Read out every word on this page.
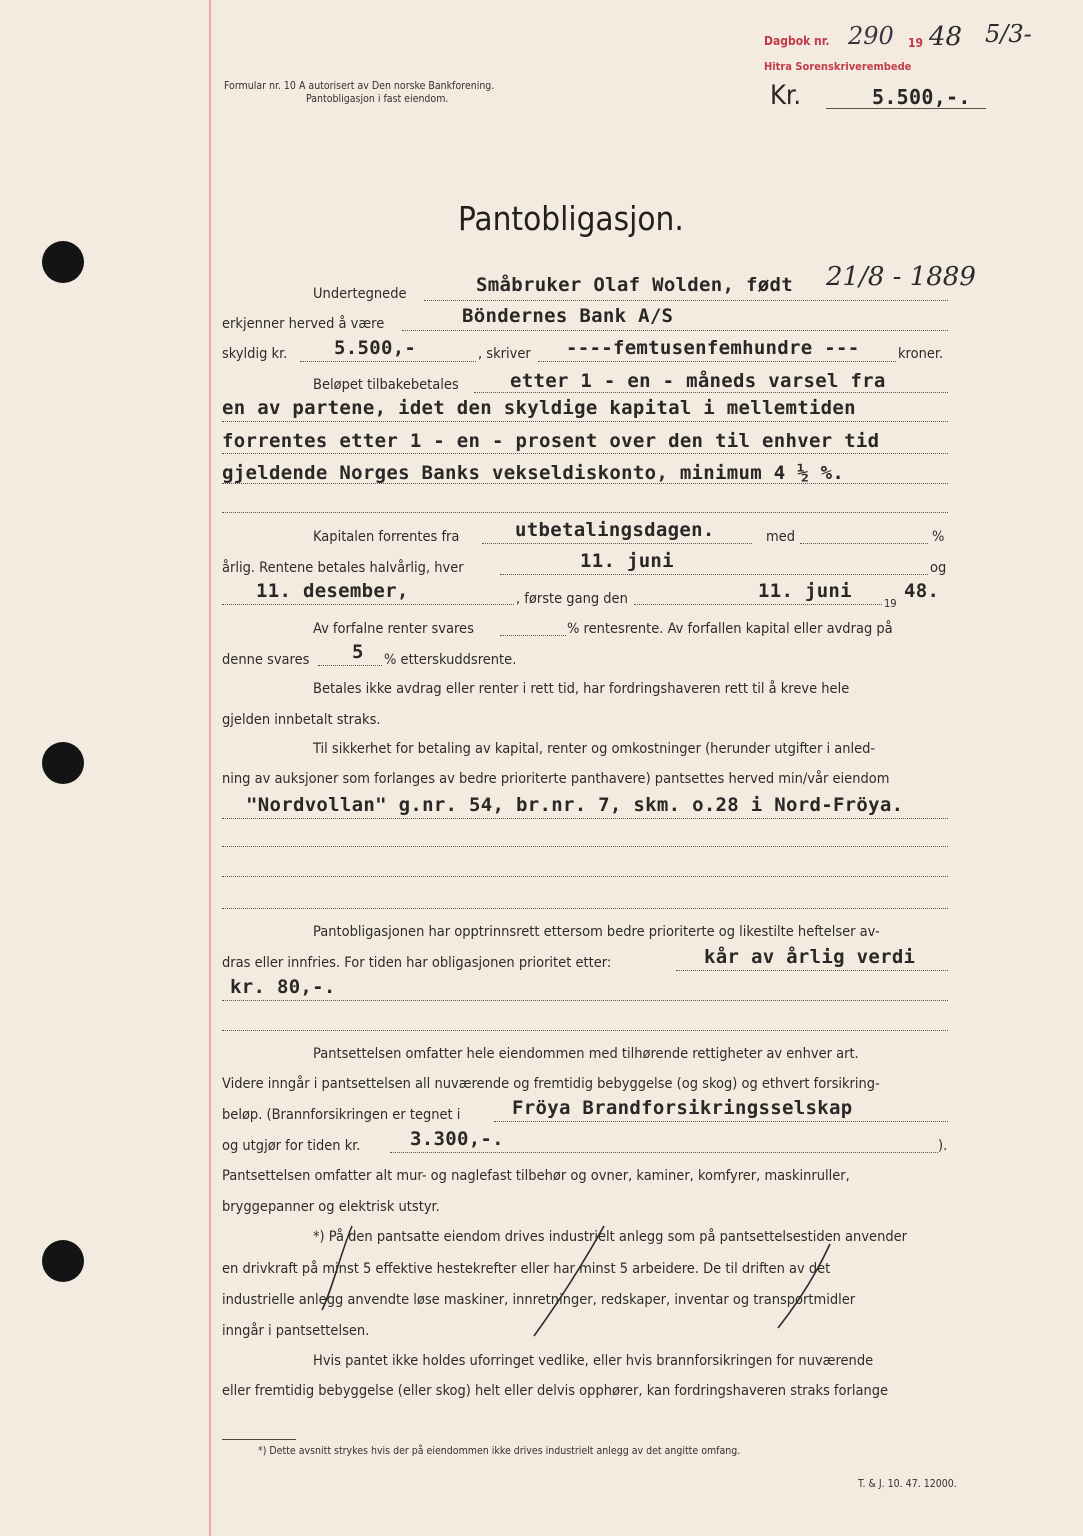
Dagbok nr. 290 19 48 5/3-
Hitra Sorenskriverembede
Formular nr. 10 A autorisert av Den norske Bankforening.
Pantobligasjon i fast eiendom.	Kr.	5.500,-.
Pantobligasjon.
Undertegnede	Småbruker Olaf Wolden, født 21/8 - 1889
erkjenner herved å være	Böndernes Bank A/S
skyldig kr. 5.500,-	, skriver ----femtusenfemhundre ---	kroner.
Beløpet tilbakebetales	etter 1 - en - måneds varsel fra
en av partene, idet den skyldige kapital i mellemtiden
forrentes etter 1 - en - prosent over den til enhver tid
gjeldende Norges Banks vekseldiskonto, minimum 4 ½ %.
Kapitalen forrentes fra	utbetalingsdagen.	med	%
årlig. Rentene betales halvårlig, hver	11. juni	og
11. desember,	, første gang den	11. juni
19
48.
Av forfalne renter svares	% rentesrente. Av forfallen kapital eller avdrag på
denne svares 5 % etterskuddsrente.
Betales ikke avdrag eller renter i rett tid, har fordringshaveren rett til å kreve hele
gjelden innbetalt straks.
Til sikkerhet for betaling av kapital, renter og omkostninger (herunder utgifter i anled-
ning av auksjoner som forlanges av bedre prioriterte panthavere) pantsettes herved min/vår eiendom
"Nordvollan" g.nr. 54, br.nr. 7, skm. o.28 i Nord-Fröya.
Pantobligasjonen har opptrinnsrett ettersom bedre prioriterte og likestilte heftelser av-
dras eller innfries. For tiden har obligasjonen prioritet etter:	kår av årlig verdi
kr. 80,-.
Pantsettelsen omfatter hele eiendommen med tilhørende rettigheter av enhver art.
Videre inngår i pantsettelsen all nuværende og fremtidig bebyggelse (og skog) og ethvert forsikring-
beløp. (Brannforsikringen er tegnet i	Fröya Brandforsikringsselskap
og utgjør for tiden kr.	3.300,-.	).
Pantsettelsen omfatter alt mur- og naglefast tilbehør og ovner, kaminer, komfyrer, maskinruller,
bryggepanner og elektrisk utstyr.
*) På den pantsatte eiendom drives industrielt anlegg som på pantsettelsestiden anvender
en drivkraft på minst 5 effektive hestekrefter eller har minst 5 arbeidere. De til driften av det
industrielle anlegg anvendte løse maskiner, innretninger, redskaper, inventar og transportmidler
inngår i pantsettelsen.
Hvis pantet ikke holdes uforringet vedlike, eller hvis brannforsikringen for nuværende
eller fremtidig bebyggelse (eller skog) helt eller delvis opphører, kan fordringshaveren straks forlange
*) Dette avsnitt strykes hvis der på eiendommen ikke drives industrielt anlegg av det angitte omfang.
T. & J. 10. 47. 12000.
